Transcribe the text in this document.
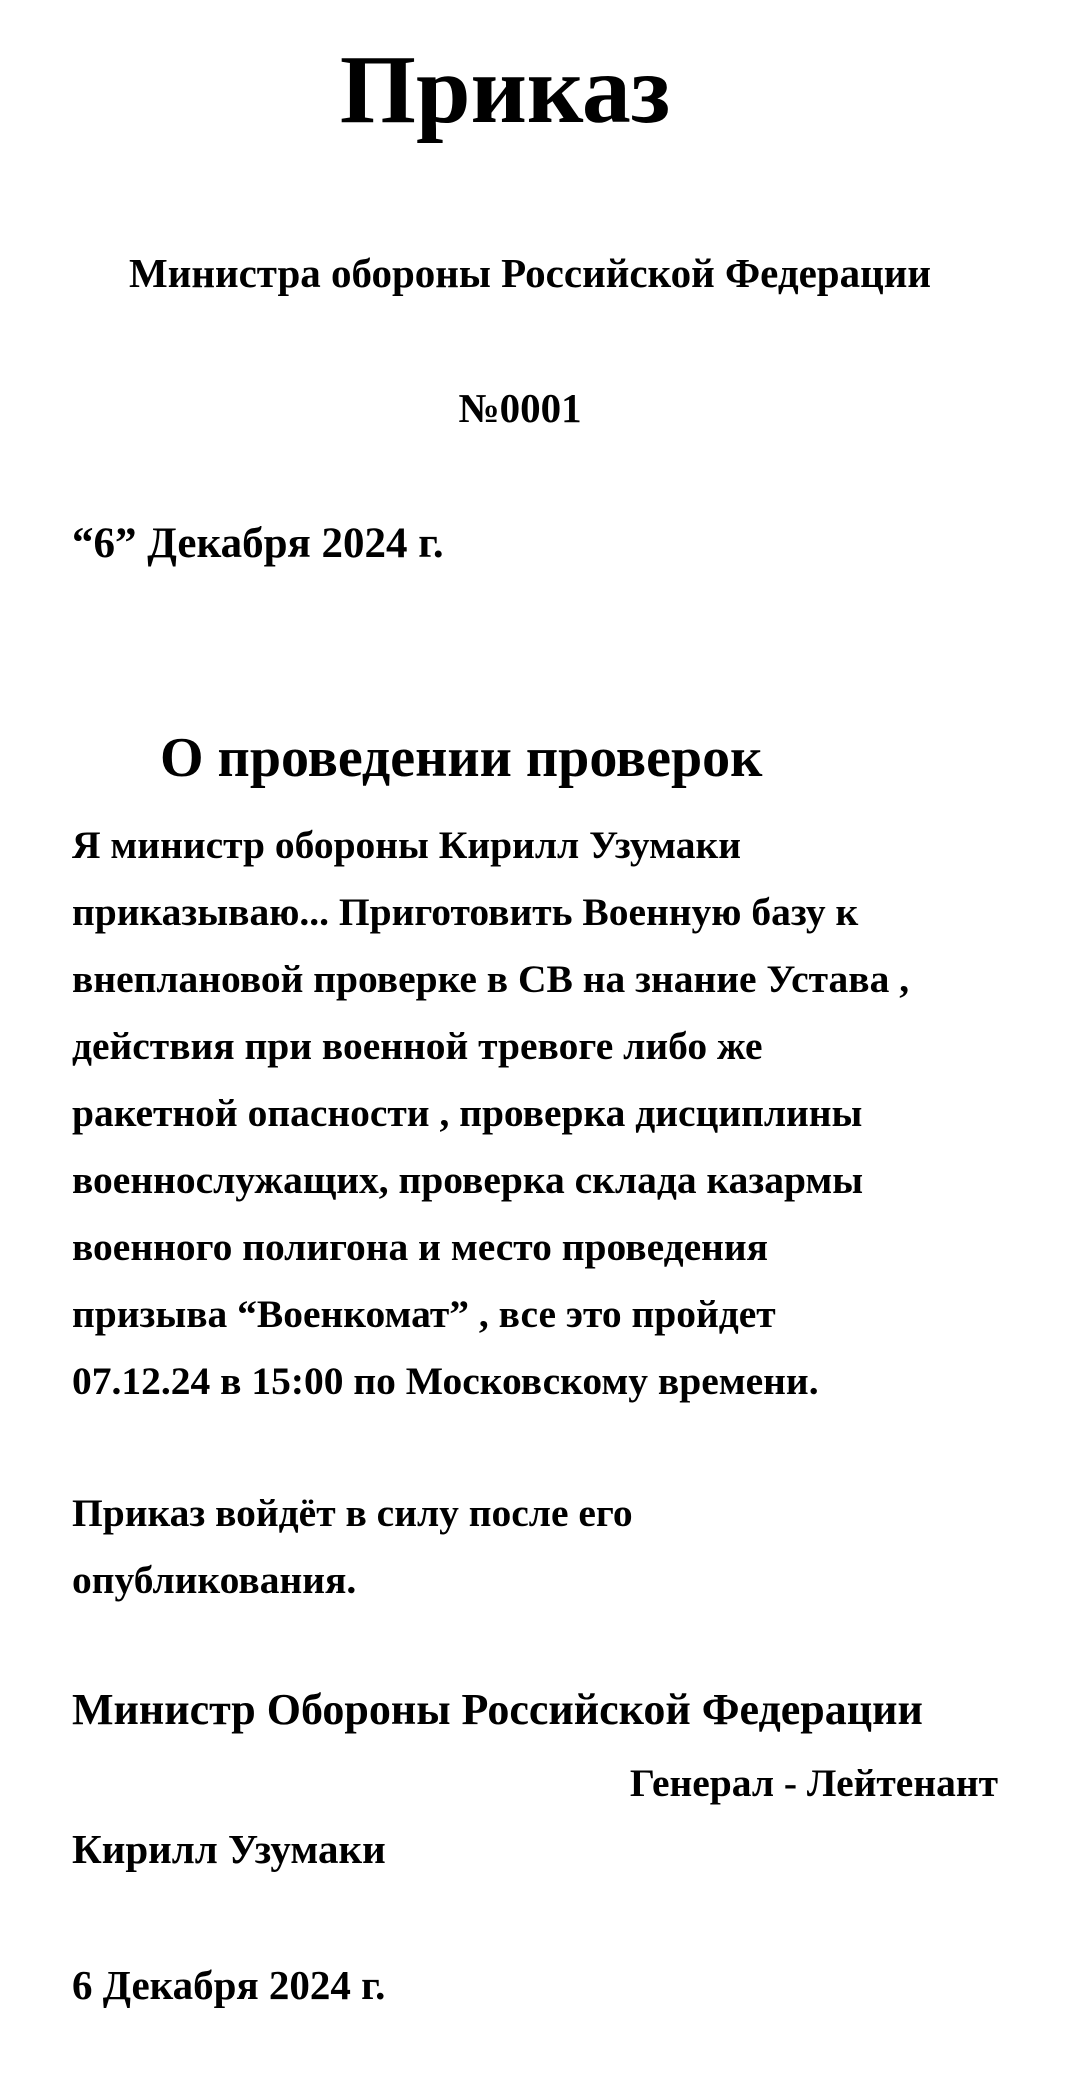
Приказ
Министра обороны Российской Федерации
№0001
“6” Декабря 2024 г.
О проведении проверок
Я министр обороны Кирилл Узумаки
приказываю... Приготовить Военную базу к
внеплановой проверке в СВ на знание Устава ,
действия при военной тревоге либо же
ракетной опасности , проверка дисциплины
военнослужащих, проверка склада казармы
военного полигона и место проведения
призыва “Военкомат” , все это пройдет
07.12.24 в 15:00 по Московскому времени.
Приказ войдёт в силу после его
опубликования.
Министр Обороны Российской Федерации
Генерал - Лейтенант
Кирилл Узумаки
6 Декабря 2024 г.
